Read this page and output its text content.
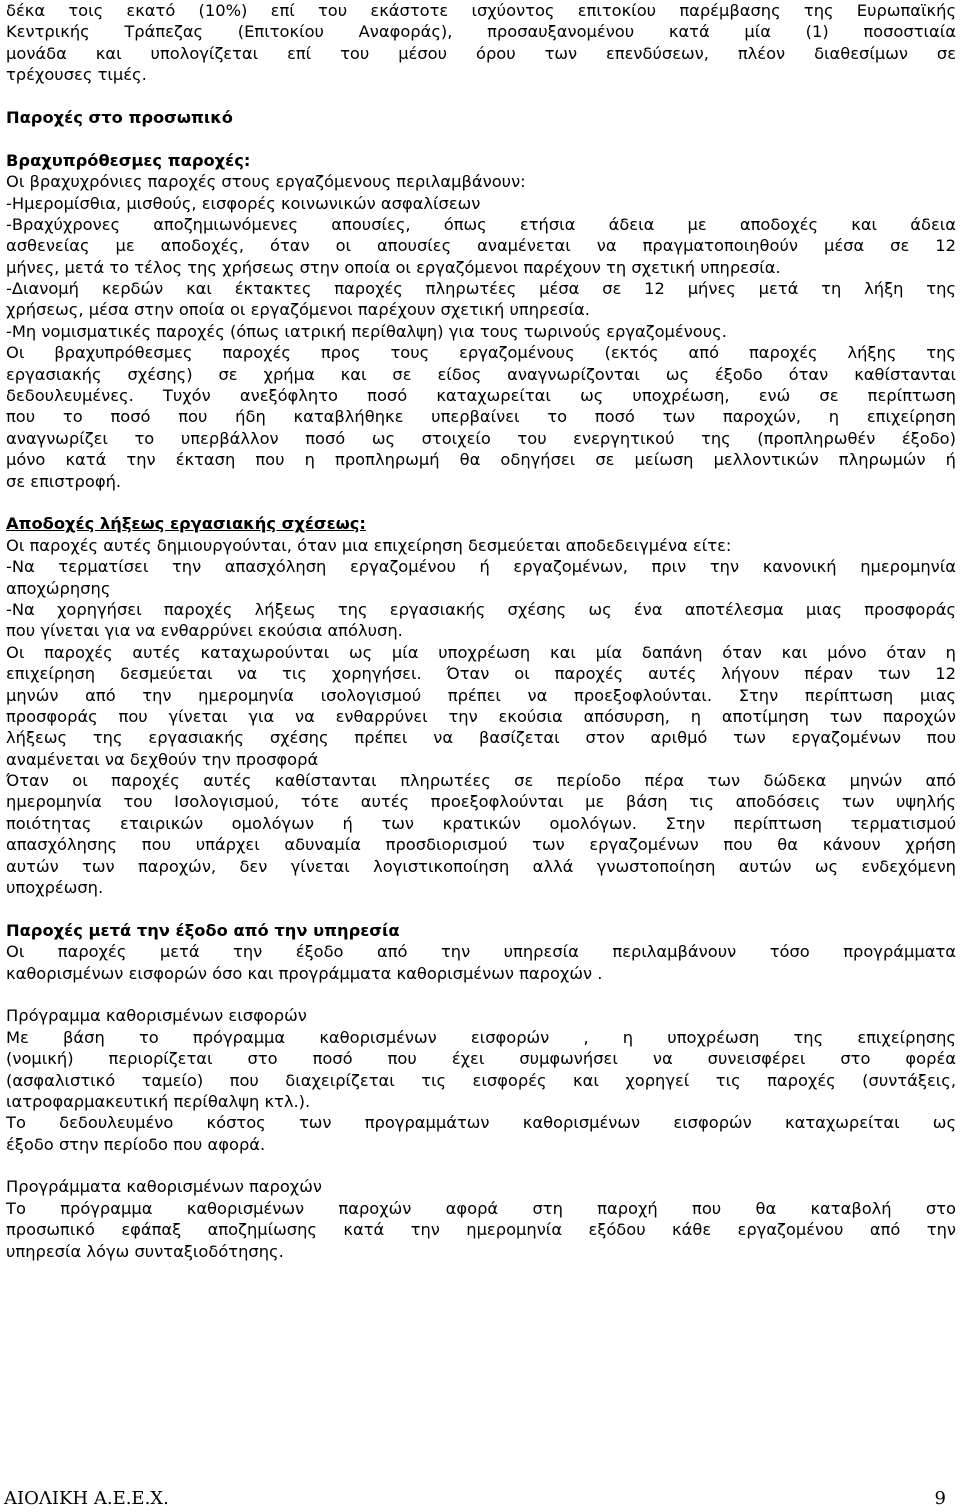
δέκα τοις εκατό (10%) επί του εκάστοτε ισχύοντος επιτοκίου παρέμβασης της Ευρωπαϊκής
Κεντρικής Τράπεζας (Επιτοκίου Αναφοράς), προσαυξανομένου κατά μία (1) ποσοστιαία
μονάδα και υπολογίζεται επί του μέσου όρου των επενδύσεων, πλέον διαθεσίμων σε
τρέχουσες τιμές.
Παροχές στο προσωπικό
Βραχυπρόθεσμες παροχές:
Οι βραχυχρόνιες παροχές στους εργαζόμενους περιλαμβάνουν:
-Ημερομίσθια, μισθούς, εισφορές κοινωνικών ασφαλίσεων
-Βραχύχρονες αποζημιωνόμενες απουσίες, όπως ετήσια άδεια με αποδοχές και άδεια
ασθενείας με αποδοχές, όταν οι απουσίες αναμένεται να πραγματοποιηθούν μέσα σε 12
μήνες, μετά το τέλος της χρήσεως στην οποία οι εργαζόμενοι παρέχουν τη σχετική υπηρεσία.
-Διανομή κερδών και έκτακτες παροχές πληρωτέες μέσα σε 12 μήνες μετά τη λήξη της
χρήσεως, μέσα στην οποία οι εργαζόμενοι παρέχουν σχετική υπηρεσία.
-Μη νομισματικές παροχές (όπως ιατρική περίθαλψη) για τους τωρινούς εργαζομένους.
Οι βραχυπρόθεσμες παροχές προς τους εργαζομένους (εκτός από παροχές λήξης της
εργασιακής σχέσης) σε χρήμα και σε είδος αναγνωρίζονται ως έξοδο όταν καθίστανται
δεδουλευμένες. Τυχόν ανεξόφλητο ποσό καταχωρείται ως υποχρέωση, ενώ σε περίπτωση
που το ποσό που ήδη καταβλήθηκε υπερβαίνει το ποσό των παροχών, η επιχείρηση
αναγνωρίζει το υπερβάλλον ποσό ως στοιχείο του ενεργητικού της (προπληρωθέν έξοδο)
μόνο κατά την έκταση που η προπληρωμή θα οδηγήσει σε μείωση μελλοντικών πληρωμών ή
σε επιστροφή.
Αποδοχές λήξεως εργασιακής σχέσεως:
Οι παροχές αυτές δημιουργούνται, όταν μια επιχείρηση δεσμεύεται αποδεδειγμένα είτε:
-Να τερματίσει την απασχόληση εργαζομένου ή εργαζομένων, πριν την κανονική ημερομηνία
αποχώρησης
-Να χορηγήσει παροχές λήξεως της εργασιακής σχέσης ως ένα αποτέλεσμα μιας προσφοράς
που γίνεται για να ενθαρρύνει εκούσια απόλυση.
Οι παροχές αυτές καταχωρούνται ως μία υποχρέωση και μία δαπάνη όταν και μόνο όταν η
επιχείρηση δεσμεύεται να τις χορηγήσει. Όταν οι παροχές αυτές λήγουν πέραν των 12
μηνών από την ημερομηνία ισολογισμού πρέπει να προεξοφλούνται. Στην περίπτωση μιας
προσφοράς που γίνεται για να ενθαρρύνει την εκούσια απόσυρση, η αποτίμηση των παροχών
λήξεως της εργασιακής σχέσης πρέπει να βασίζεται στον αριθμό των εργαζομένων που
αναμένεται να δεχθούν την προσφορά
Όταν οι παροχές αυτές καθίστανται πληρωτέες σε περίοδο πέρα των δώδεκα μηνών από
ημερομηνία του Ισολογισμού, τότε αυτές προεξοφλούνται με βάση τις αποδόσεις των υψηλής
ποιότητας εταιρικών ομολόγων ή των κρατικών ομολόγων. Στην περίπτωση τερματισμού
απασχόλησης που υπάρχει αδυναμία προσδιορισμού των εργαζομένων που θα κάνουν χρήση
αυτών των παροχών, δεν γίνεται λογιστικοποίηση αλλά γνωστοποίηση αυτών ως ενδεχόμενη
υποχρέωση.
Παροχές μετά την έξοδο από την υπηρεσία
Οι παροχές μετά την έξοδο από την υπηρεσία περιλαμβάνουν τόσο προγράμματα
καθορισμένων εισφορών όσο και προγράμματα καθορισμένων παροχών .
Πρόγραμμα καθορισμένων εισφορών
Με βάση το πρόγραμμα καθορισμένων εισφορών , η υποχρέωση της επιχείρησης
(νομική) περιορίζεται στο ποσό που έχει συμφωνήσει να συνεισφέρει στο φορέα
(ασφαλιστικό ταμείο) που διαχειρίζεται τις εισφορές και χορηγεί τις παροχές (συντάξεις,
ιατροφαρμακευτική περίθαλψη κτλ.).
Το δεδουλευμένο κόστος των προγραμμάτων καθορισμένων εισφορών καταχωρείται ως
έξοδο στην περίοδο που αφορά.
Προγράμματα καθορισμένων παροχών
Το πρόγραμμα καθορισμένων παροχών αφορά στη παροχή που θα καταβολή στο
προσωπικό εφάπαξ αποζημίωσης κατά την ημερομηνία εξόδου κάθε εργαζομένου από την
υπηρεσία λόγω συνταξιοδότησης.
ΑΙΟΛΙΚΗ Α.Ε.Ε.Χ.	9
